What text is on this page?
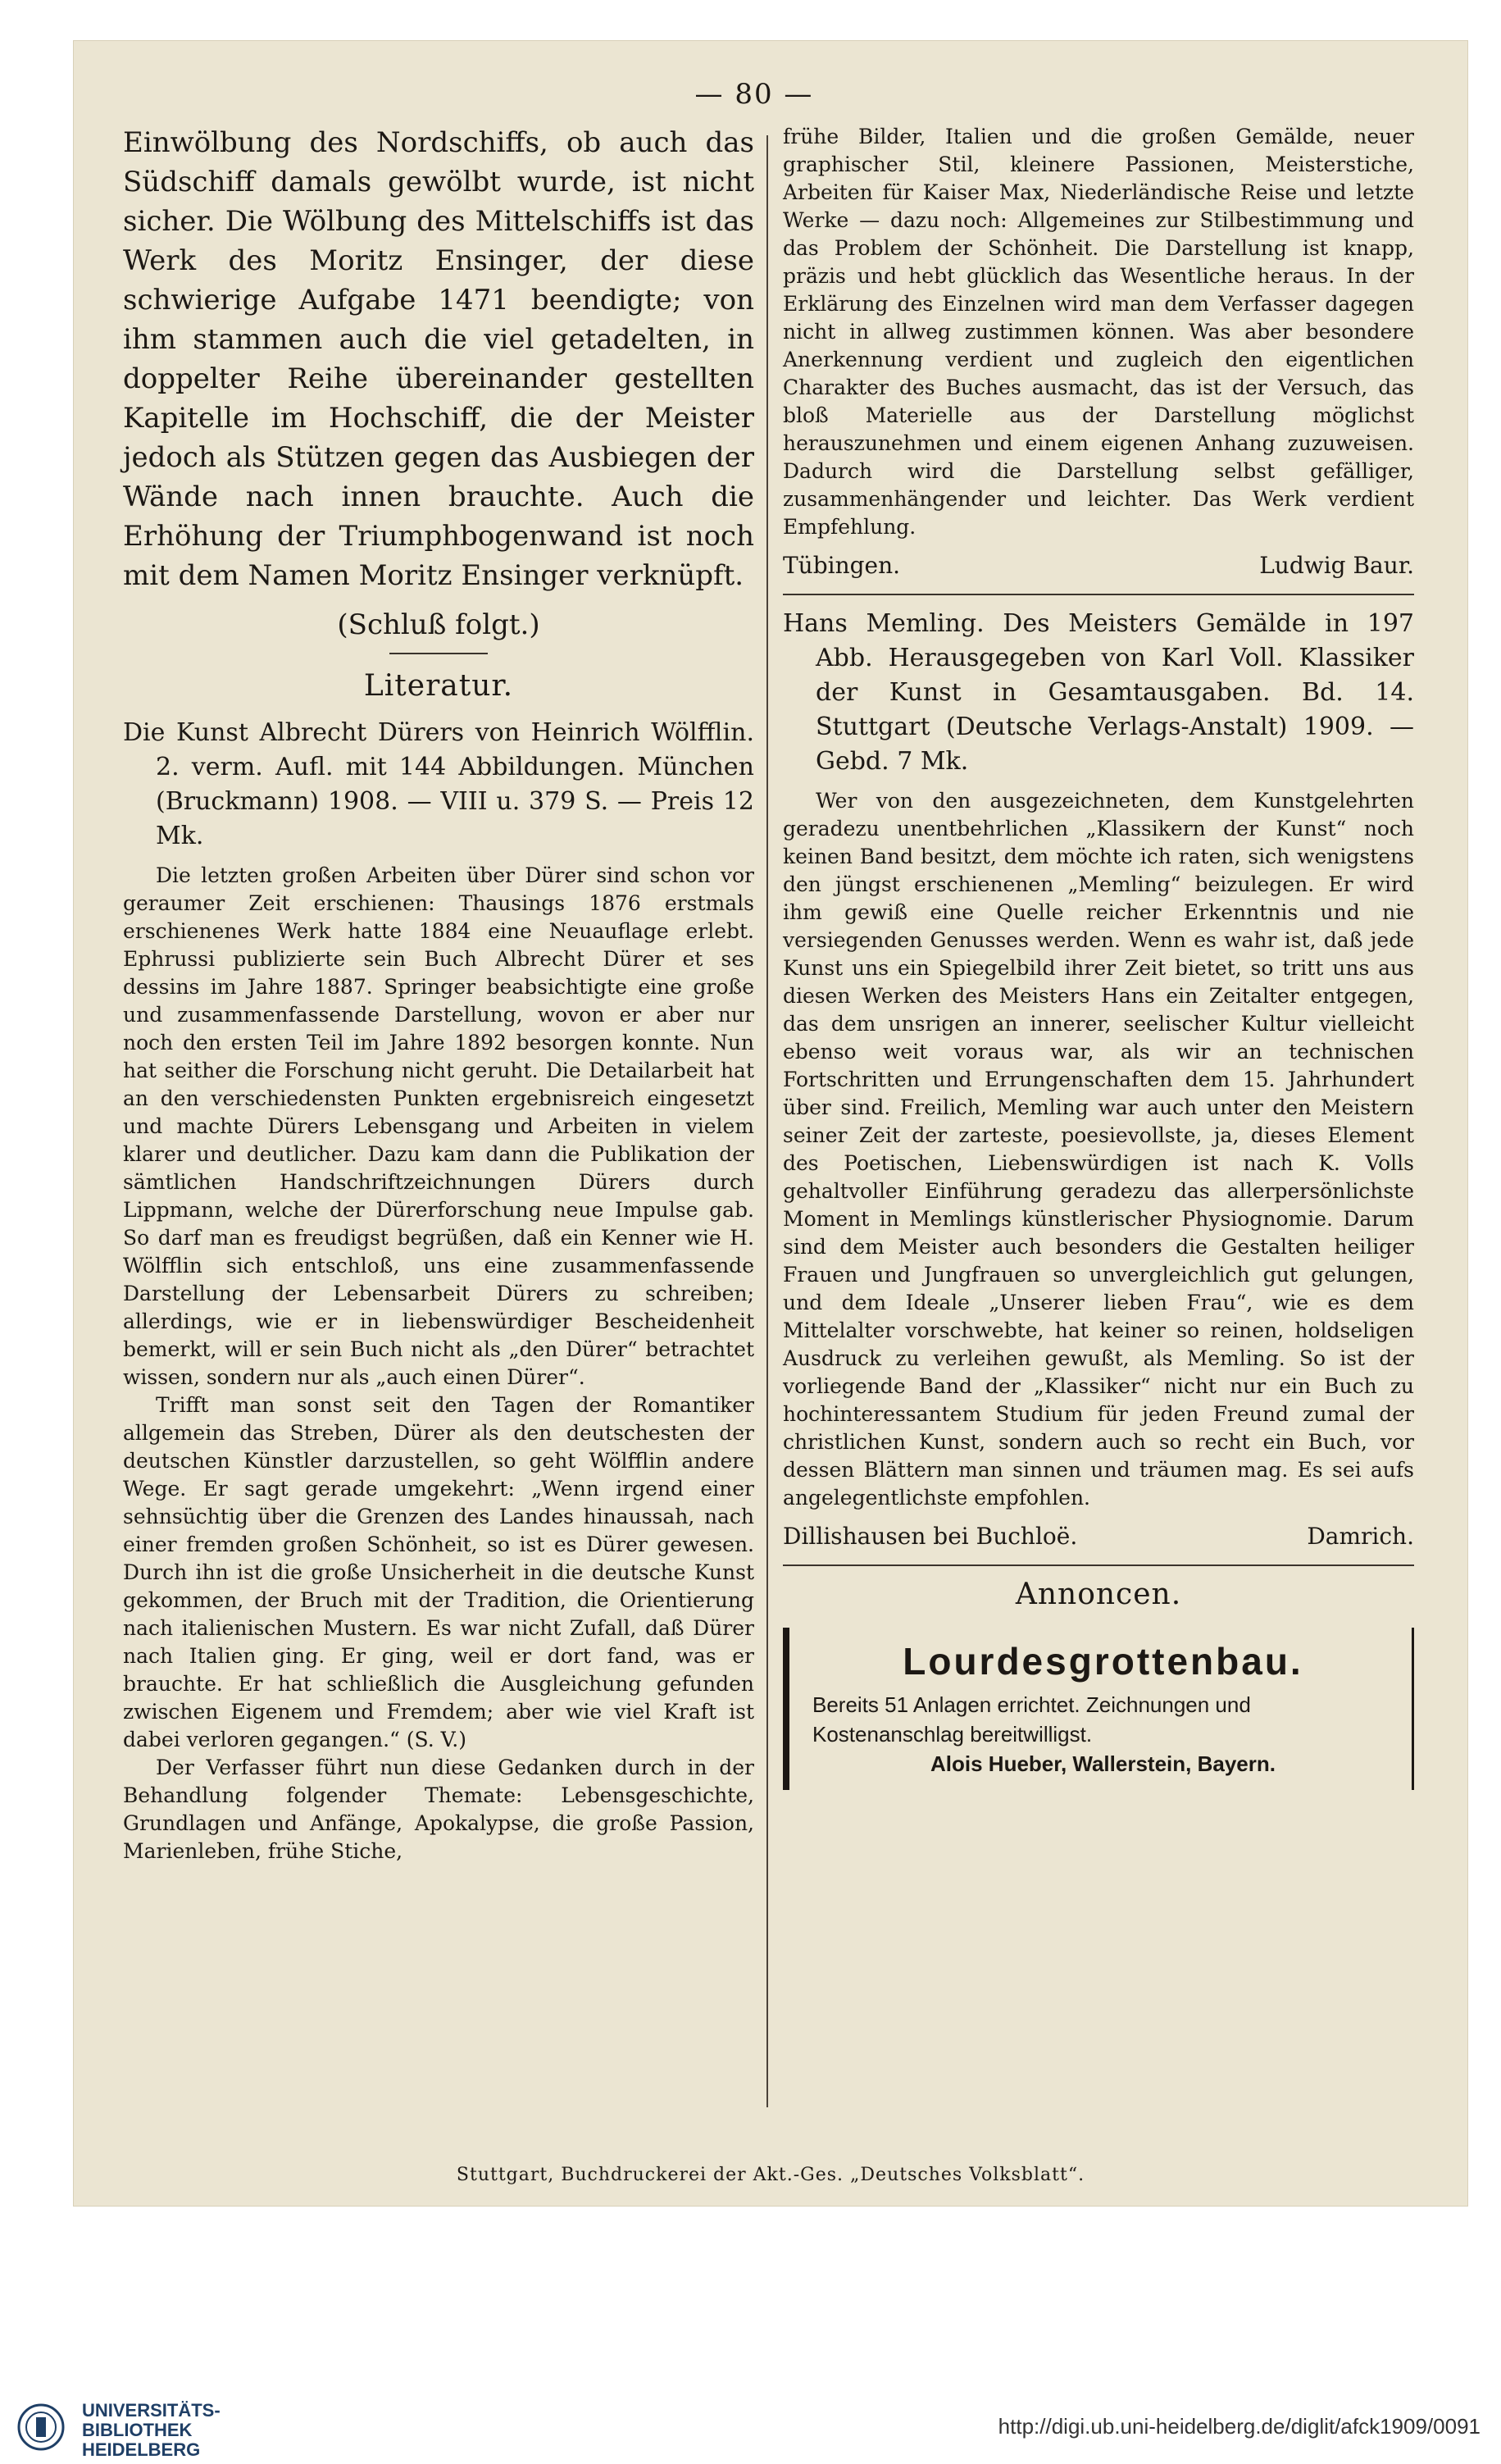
— 80 —

Einwölbung des Nordschiffs, ob auch das Südschiff damals gewölbt wurde, ist nicht sicher. Die Wölbung des Mittelschiffs ist das Werk des Moritz Ensinger, der diese schwierige Aufgabe 1471 beendigte; von ihm stammen auch die viel getadelten, in doppelter Reihe übereinander gestellten Kapitelle im Hochschiff, die der Meister jedoch als Stützen gegen das Ausbiegen der Wände nach innen brauchte. Auch die Erhöhung der Triumphbogenwand ist noch mit dem Namen Moritz Ensinger verknüpft.

(Schluß folgt.)
Literatur.

Die Kunst Albrecht Dürers von Heinrich Wölfflin. 2. verm. Aufl. mit 144 Abbildungen. München (Bruckmann) 1908. — VIII u. 379 S. — Preis 12 Mk.

Die letzten großen Arbeiten über Dürer sind schon vor geraumer Zeit erschienen: Thausings 1876 erstmals erschienenes Werk hatte 1884 eine Neuauflage erlebt. Ephrussi publizierte sein Buch Albrecht Dürer et ses dessins im Jahre 1887. Springer beabsichtigte eine große und zusammenfassende Darstellung, wovon er aber nur noch den ersten Teil im Jahre 1892 besorgen konnte. Nun hat seither die Forschung nicht geruht. Die Detailarbeit hat an den verschiedensten Punkten ergebnisreich eingesetzt und machte Dürers Lebensgang und Arbeiten in vielem klarer und deutlicher. Dazu kam dann die Publikation der sämtlichen Handschriftzeichnungen Dürers durch Lippmann, welche der Dürerforschung neue Impulse gab. So darf man es freudigst begrüßen, daß ein Kenner wie H. Wölfflin sich entschloß, uns eine zusammenfassende Darstellung der Lebensarbeit Dürers zu schreiben; allerdings, wie er in liebenswürdiger Bescheidenheit bemerkt, will er sein Buch nicht als „den Dürer“ betrachtet wissen, sondern nur als „auch einen Dürer“.

Trifft man sonst seit den Tagen der Romantiker allgemein das Streben, Dürer als den deutschesten der deutschen Künstler darzustellen, so geht Wölfflin andere Wege. Er sagt gerade umgekehrt: „Wenn irgend einer sehnsüchtig über die Grenzen des Landes hinaussah, nach einer fremden großen Schönheit, so ist es Dürer gewesen. Durch ihn ist die große Unsicherheit in die deutsche Kunst gekommen, der Bruch mit der Tradition, die Orientierung nach italienischen Mustern. Es war nicht Zufall, daß Dürer nach Italien ging. Er ging, weil er dort fand, was er brauchte. Er hat schließlich die Ausgleichung gefunden zwischen Eigenem und Fremdem; aber wie viel Kraft ist dabei verloren gegangen.“ (S. V.)

Der Verfasser führt nun diese Gedanken durch in der Behandlung folgender Themate: Lebensgeschichte, Grundlagen und Anfänge, Apokalypse, die große Passion, Marienleben, frühe Stiche,

frühe Bilder, Italien und die großen Gemälde, neuer graphischer Stil, kleinere Passionen, Meisterstiche, Arbeiten für Kaiser Max, Niederländische Reise und letzte Werke — dazu noch: Allgemeines zur Stilbestimmung und das Problem der Schönheit. Die Darstellung ist knapp, präzis und hebt glücklich das Wesentliche heraus. In der Erklärung des Einzelnen wird man dem Verfasser dagegen nicht in allweg zustimmen können. Was aber besondere Anerkennung verdient und zugleich den eigentlichen Charakter des Buches ausmacht, das ist der Versuch, das bloß Materielle aus der Darstellung möglichst herauszunehmen und einem eigenen Anhang zuzuweisen. Dadurch wird die Darstellung selbst gefälliger, zusammenhängender und leichter. Das Werk verdient Empfehlung.

Tübingen.	Ludwig Baur.

Hans Memling. Des Meisters Gemälde in 197 Abb. Herausgegeben von Karl Voll. Klassiker der Kunst in Gesamtausgaben. Bd. 14. Stuttgart (Deutsche Verlags-Anstalt) 1909. — Gebd. 7 Mk.

Wer von den ausgezeichneten, dem Kunstgelehrten geradezu unentbehrlichen „Klassikern der Kunst“ noch keinen Band besitzt, dem möchte ich raten, sich wenigstens den jüngst erschienenen „Memling“ beizulegen. Er wird ihm gewiß eine Quelle reicher Erkenntnis und nie versiegenden Genusses werden. Wenn es wahr ist, daß jede Kunst uns ein Spiegelbild ihrer Zeit bietet, so tritt uns aus diesen Werken des Meisters Hans ein Zeitalter entgegen, das dem unsrigen an innerer, seelischer Kultur vielleicht ebenso weit voraus war, als wir an technischen Fortschritten und Errungenschaften dem 15. Jahrhundert über sind. Freilich, Memling war auch unter den Meistern seiner Zeit der zarteste, poesievollste, ja, dieses Element des Poetischen, Liebenswürdigen ist nach K. Volls gehaltvoller Einführung geradezu das allerpersönlichste Moment in Memlings künstlerischer Physiognomie. Darum sind dem Meister auch besonders die Gestalten heiliger Frauen und Jungfrauen so unvergleichlich gut gelungen, und dem Ideale „Unserer lieben Frau“, wie es dem Mittelalter vorschwebte, hat keiner so reinen, holdseligen Ausdruck zu verleihen gewußt, als Memling. So ist der vorliegende Band der „Klassiker“ nicht nur ein Buch zu hochinteressantem Studium für jeden Freund zumal der christlichen Kunst, sondern auch so recht ein Buch, vor dessen Blättern man sinnen und träumen mag. Es sei aufs angelegentlichste empfohlen.

Dillishausen bei Buchloë.	Damrich.
Annoncen.
Lourdesgrottenbau.
Bereits 51 Anlagen errichtet. Zeichnungen und Kostenanschlag bereitwilligst.
Alois Hueber, Wallerstein, Bayern.
Stuttgart, Buchdruckerei der Akt.-Ges. „Deutsches Volksblatt“.
UNIVERSITÄTS-
BIBLIOTHEK
HEIDELBERG
http://digi.ub.uni-heidelberg.de/diglit/afck1909/0091
